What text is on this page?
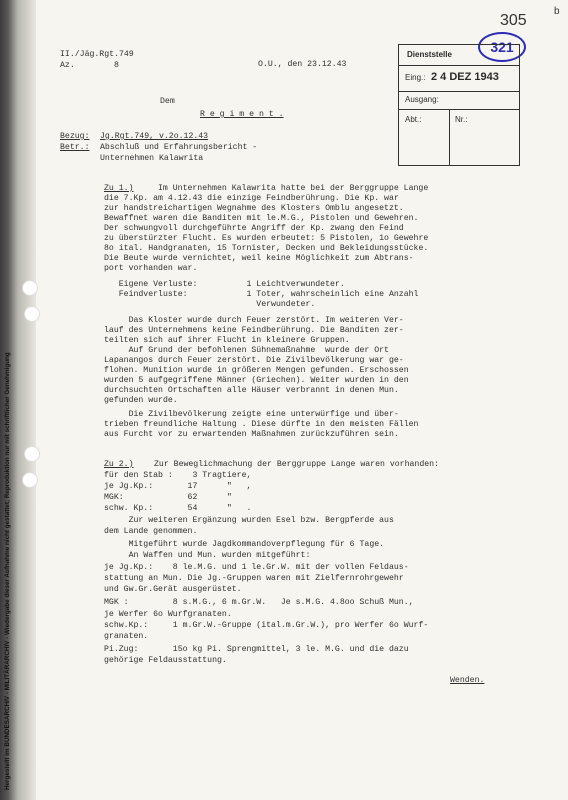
Hergestellt im BUNDESARCHIV - MILITÄRARCHIV - Wiedergabe dieser Aufnahme nicht gestattet; Reproduktion nur mit schriftlicher Genehmigung
b
305
321
II./Jäg.Rgt.749
Az.        8	O.U., den 23.12.43
Dienststelle
Eing.: 2 4 DEZ 1943
Ausgang:
Abt.:	Nr.:
Dem
R e g i m e n t .
Bezug: Jg.Rgt.749, v.2o.12.43
Betr.: Abschluß und Erfahrungsbericht -
Unternehmen Kalawrita
Zu 1.)	Im Unternehmen Kalawrita hatte bei der Berggruppe Lange
die 7.Kp. am 4.12.43 die einzige Feindberührung. Die Kp. war
zur handstreichartigen Wegnahme des Klosters Omblu angesetzt.
Bewaffnet waren die Banditen mit le.M.G., Pistolen und Gewehren.
Der schwungvoll durchgeführte Angriff der Kp. zwang den Feind
zu überstürzter Flucht. Es wurden erbeutet: 5 Pistolen, 1o Gewehre
8o ital. Handgranaten, 15 Tornister, Decken und Bekleidungsstücke.
Die Beute wurde vernichtet, weil keine Möglichkeit zum Abtrans-
port vorhanden war.
Eigene Verluste:          1 Leichtverwundeter.
Feindverluste:            1 Toter, wahrscheinlich eine Anzahl
Verwundeter.
Das Kloster wurde durch Feuer zerstört. Im weiteren Ver-
lauf des Unternehmens keine Feindberührung. Die Banditen zer-
teilten sich auf ihrer Flucht in kleinere Gruppen.
Auf Grund der befohlenen Sühnemaßnahme  wurde der Ort
Lapanangos durch Feuer zerstört. Die Zivilbevölkerung war ge-
flohen. Munition wurde in größeren Mengen gefunden. Erschossen
wurden 5 aufgegriffene Männer (Griechen). Weiter wurden in den
durchsuchten Ortschaften alle Häuser verbrannt in denen Mun.
gefunden wurde.
Die Zivilbevölkerung zeigte eine unterwürfige und über-
trieben freundliche Haltung . Diese dürfte in den meisten Fällen
aus Furcht vor zu erwartenden Maßnahmen zurückzuführen sein.
Zu 2.)	Zur Beweglichmachung der Berggruppe Lange waren vorhanden:
für den Stab :    3 Tragtiere,
je Jg.Kp.:       17      "   ,
MGK:             62      "
schw. Kp.:       54      "   .
Zur weiteren Ergänzung wurden Esel bzw. Bergpferde aus
dem Lande genommen.
Mitgeführt wurde Jagdkommandoverpflegung für 6 Tage.
An Waffen und Mun. wurden mitgeführt:
je Jg.Kp.:    8 le.M.G. und 1 le.Gr.W. mit der vollen Feldaus-
stattung an Mun. Die Jg.-Gruppen waren mit Zielfernrohrgewehr
und Gw.Gr.Gerät ausgerüstet.
MGK :         8 s.M.G., 6 m.Gr.W.   Je s.M.G. 4.8oo Schuß Mun.,
je Werfer 6o Wurfgranaten.
schw.Kp.:     1 m.Gr.W.-Gruppe (ital.m.Gr.W.), pro Werfer 6o Wurf-
granaten.
Pi.Zug:       15o kg Pi. Sprengmittel, 3 le. M.G. und die dazu
gehörige Feldausstattung.
Wenden.
